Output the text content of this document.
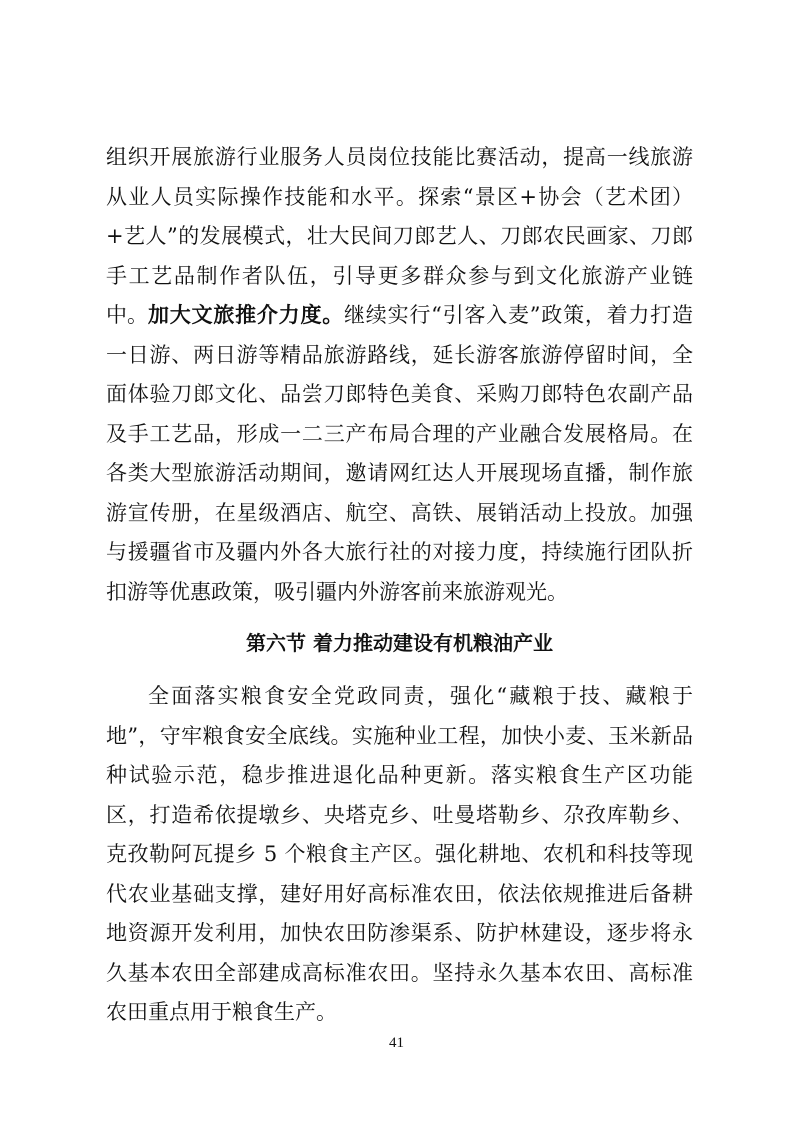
组织开展旅游行业服务人员岗位技能比赛活动，提高一线旅游从业人员实际操作技能和水平。探索“景区+协会（艺术团）+艺人”的发展模式，壮大民间刀郎艺人、刀郎农民画家、刀郎手工艺品制作者队伍，引导更多群众参与到文化旅游产业链中。 加大文旅推介力度。继续实行“引客入麦”政策，着力打造一日游、两日游等精品旅游路线，延长游客旅游停留时间，全面体验刀郎文化、品尝刀郎特色美食、采购刀郎特色农副产品及手工艺品，形成一二三产布局合理的产业融合发展格局。在各类大型旅游活动期间，邀请网红达人开展现场直播，制作旅游宣传册，在星级酒店、航空、高铁、展销活动上投放。加强与援疆省市及疆内外各大旅行社的对接力度，持续施行团队折扣游等优惠政策，吸引疆内外游客前来旅游观光。

第六节 着力推动建设有机粮油产业

全面落实粮食安全党政同责，强化“藏粮于技、藏粮于地”，守牢粮食安全底线。实施种业工程，加快小麦、玉米新品种试验示范，稳步推进退化品种更新。落实粮食生产区功能区，打造希依提墩乡、央塔克乡、吐曼塔勒乡、尕孜库勒乡、克孜勒阿瓦提乡 5 个粮食主产区。强化耕地、农机和科技等现代农业基础支撑，建好用好高标准农田，依法依规推进后备耕地资源开发利用，加快农田防渗渠系、防护林建设，逐步将永久基本农田全部建成高标准农田。坚持永久基本农田、高标准农田重点用于粮食生产。

41
